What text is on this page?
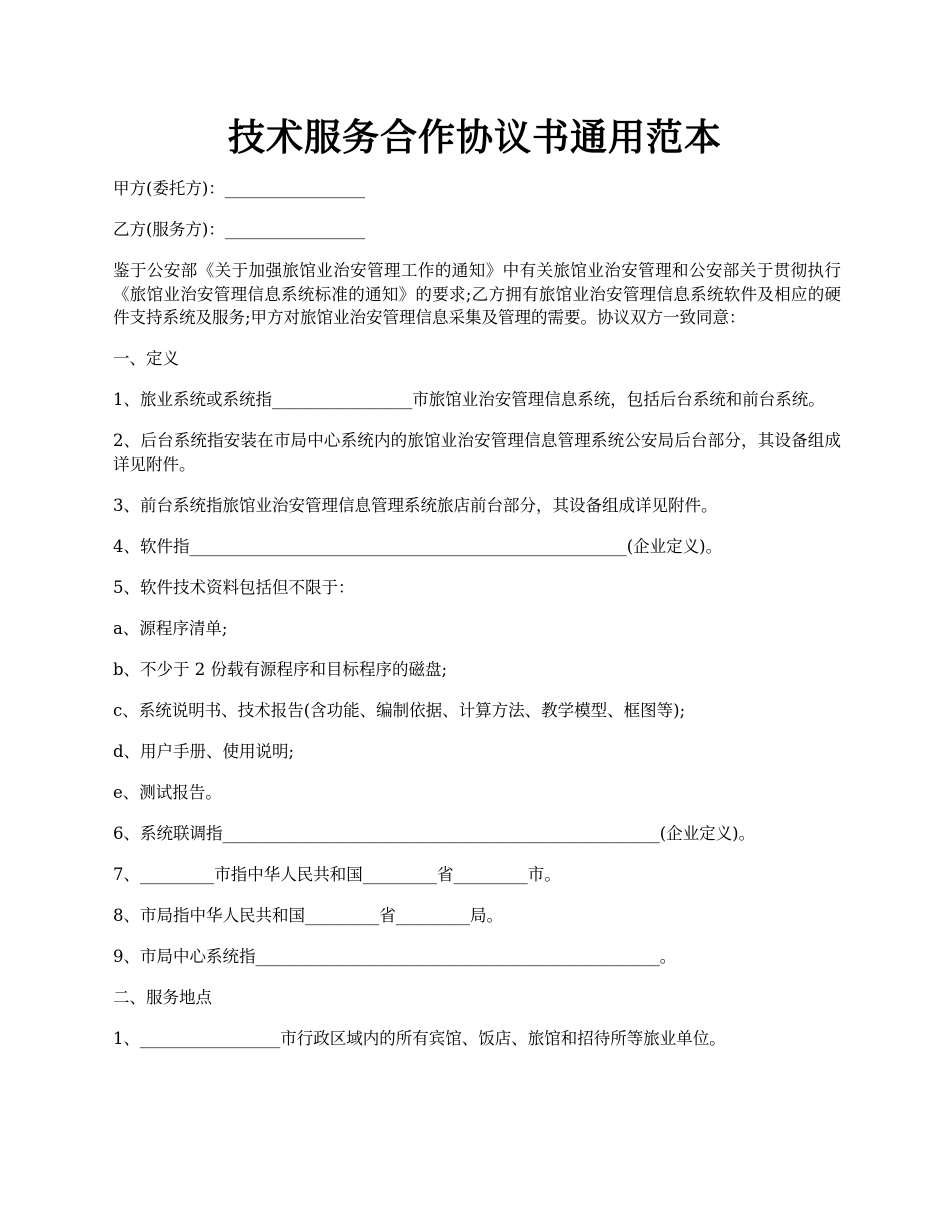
技术服务合作协议书通用范本

甲方(委托方)：_________________

乙方(服务方)：_________________

鉴于公安部《关于加强旅馆业治安管理工作的通知》中有关旅馆业治安管理和公安部关于贯彻执行《旅馆业治安管理信息系统标准的通知》的要求;乙方拥有旅馆业治安管理信息系统软件及相应的硬件支持系统及服务;甲方对旅馆业治安管理信息采集及管理的需要。协议双方一致同意：

一、定义

1、旅业系统或系统指_________________市旅馆业治安管理信息系统，包括后台系统和前台系统。

2、后台系统指安装在市局中心系统内的旅馆业治安管理信息管理系统公安局后台部分，其设备组成详见附件。

3、前台系统指旅馆业治安管理信息管理系统旅店前台部分，其设备组成详见附件。

4、软件指_____________________________________________________(企业定义)。

5、软件技术资料包括但不限于：

a、源程序清单;

b、不少于 2 份载有源程序和目标程序的磁盘;

c、系统说明书、技术报告(含功能、编制依据、计算方法、教学模型、框图等);

d、用户手册、使用说明;

e、测试报告。

6、系统联调指_____________________________________________________(企业定义)。

7、_________市指中华人民共和国_________省_________市。

8、市局指中华人民共和国_________省_________局。

9、市局中心系统指_________________________________________________。

二、服务地点

1、_________________市行政区域内的所有宾馆、饭店、旅馆和招待所等旅业单位。
